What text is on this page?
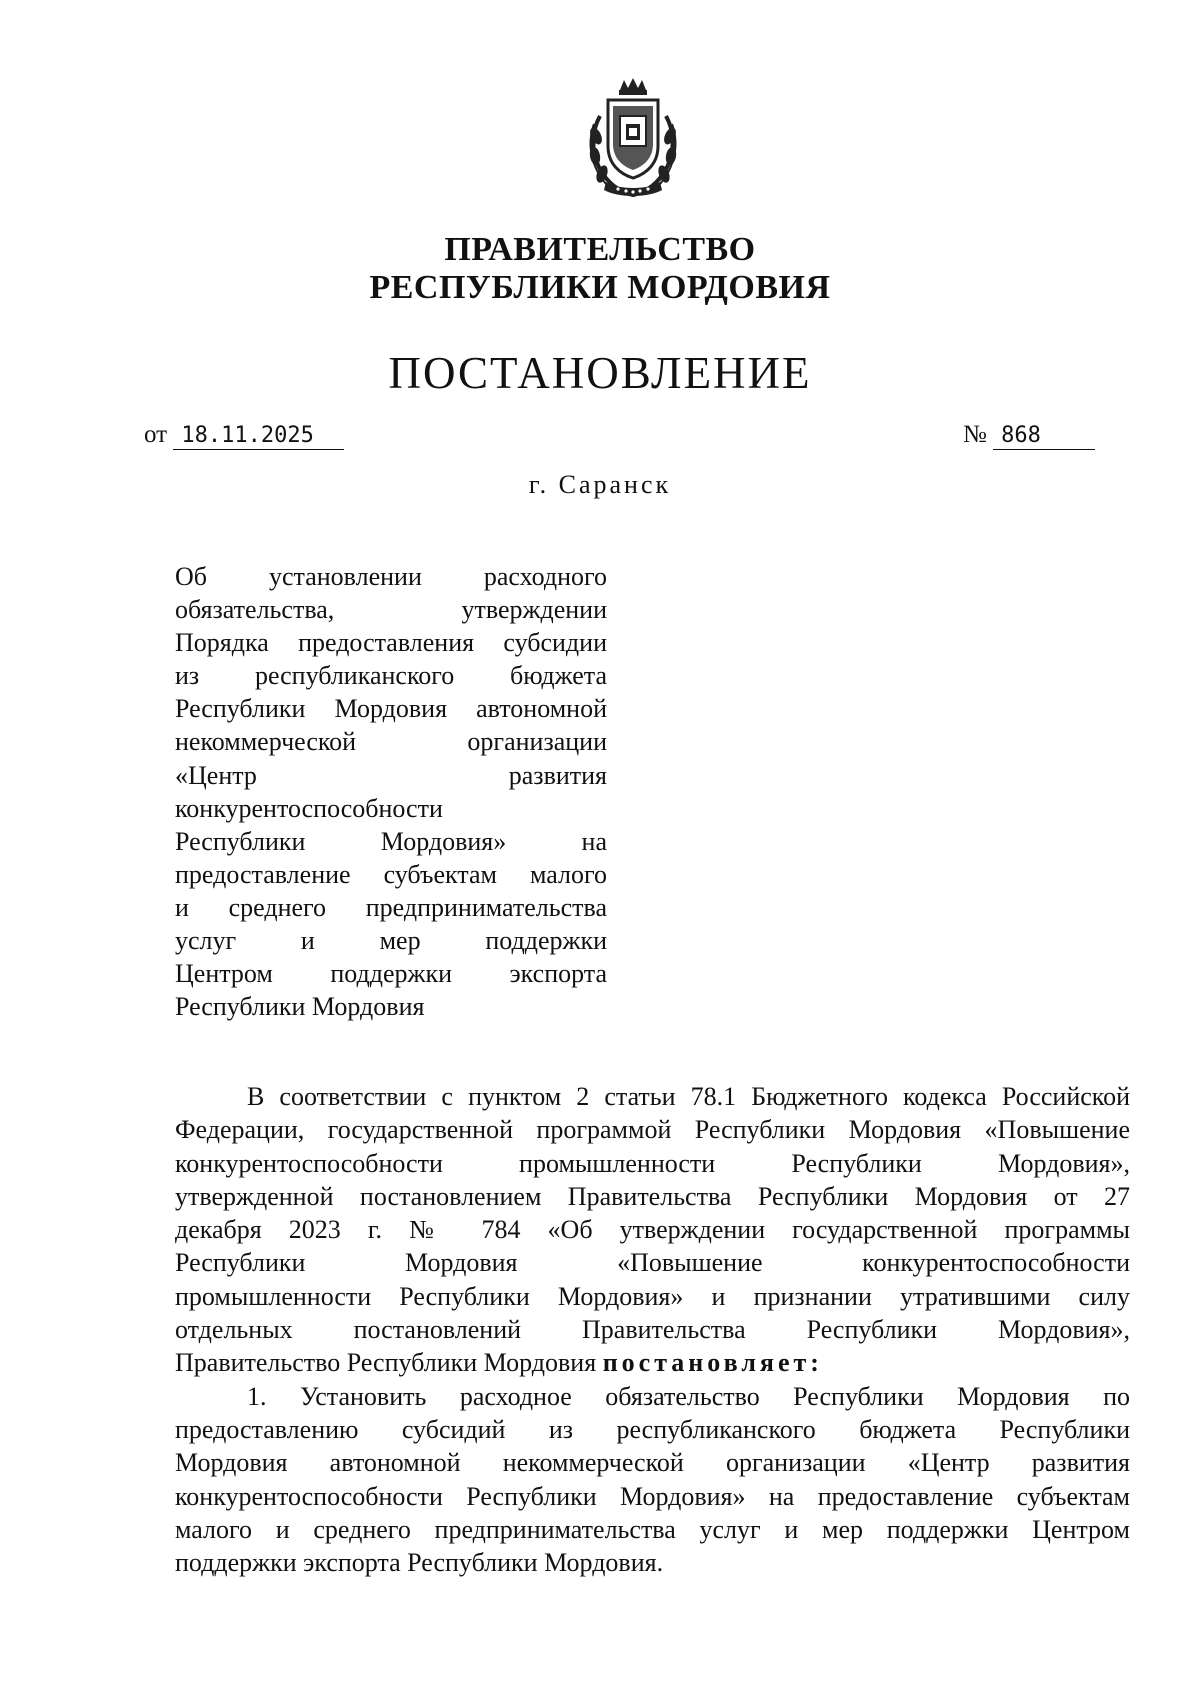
ПРАВИТЕЛЬСТВО
РЕСПУБЛИКИ МОРДОВИЯ
ПОСТАНОВЛЕНИЕ
от 18.11.2025	№ 868
г. Саранск
Об установлении расходного
обязательства, утверждении
Порядка предоставления субсидии
из республиканского бюджета
Республики Мордовия автономной
некоммерческой организации
«Центр развития
конкурентоспособности
Республики Мордовия» на
предоставление субъектам малого
и среднего предпринимательства
услуг и мер поддержки
Центром поддержки экспорта
Республики Мордовия
В соответствии с пунктом 2 статьи 78.1 Бюджетного кодекса Российской
Федерации, государственной программой Республики Мордовия «Повышение
конкурентоспособности промышленности Республики Мордовия»,
утвержденной постановлением Правительства Республики Мордовия от 27
декабря 2023 г. № 784 «Об утверждении государственной программы
Республики Мордовия «Повышение конкурентоспособности
промышленности Республики Мордовия» и признании утратившими силу
отдельных постановлений Правительства Республики Мордовия»,
Правительство Республики Мордовия постановляет:
1. Установить расходное обязательство Республики Мордовия по
предоставлению субсидий из республиканского бюджета Республики
Мордовия автономной некоммерческой организации «Центр развития
конкурентоспособности Республики Мордовия» на предоставление субъектам
малого и среднего предпринимательства услуг и мер поддержки Центром
поддержки экспорта Республики Мордовия.
